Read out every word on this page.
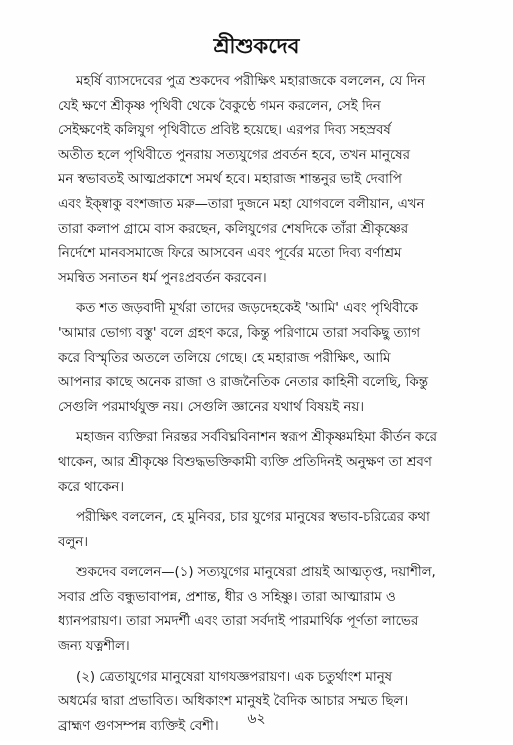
শ্রীশুকদেব
মহর্ষি ব্যাসদেবের পুত্র শুকদেব পরীক্ষিৎ মহারাজকে বললেন, যে দিন
যেই ক্ষণে শ্রীকৃষ্ণ পৃথিবী থেকে বৈকুণ্ঠে গমন করলেন, সেই দিন
সেইক্ষণেই কলিযুগ পৃথিবীতে প্রবিষ্ট হয়েছে। এরপর দিব্য সহস্রবর্ষ
অতীত হলে পৃথিবীতে পুনরায় সত্যযুগের প্রবর্তন হবে, তখন মানুষের
মন স্বভাবতই আত্মপ্রকাশে সমর্থ হবে। মহারাজ শান্তনুর ভাই দেবাপি
এবং ইক্ষ্বাকু বংশজাত মরু—তারা দুজনে মহা যোগবলে বলীয়ান, এখন
তারা কলাপ গ্রামে বাস করছেন, কলিযুগের শেষদিকে তাঁরা শ্রীকৃষ্ণের
নির্দেশে মানবসমাজে ফিরে আসবেন এবং পূর্বের মতো দিব্য বর্ণাশ্রম
সমন্বিত সনাতন ধর্ম পুনঃপ্রবর্তন করবেন।
কত শত জড়বাদী মূর্খরা তাদের জড়দেহকেই 'আমি' এবং পৃথিবীকে
'আমার ভোগ্য বস্তু' বলে গ্রহণ করে, কিন্তু পরিণামে তারা সবকিছু ত্যাগ
করে বিস্মৃতির অতলে তলিয়ে গেছে। হে মহারাজ পরীক্ষিৎ, আমি
আপনার কাছে অনেক রাজা ও রাজনৈতিক নেতার কাহিনী বলেছি, কিন্তু
সেগুলি পরমার্থযুক্ত নয়। সেগুলি জ্ঞানের যথার্থ বিষয়ই নয়।
মহাজন ব্যক্তিরা নিরন্তর সর্ববিঘ্নবিনাশন স্বরূপ শ্রীকৃষ্ণমহিমা কীর্তন করে
থাকেন, আর শ্রীকৃষ্ণে বিশুদ্ধভক্তিকামী ব্যক্তি প্রতিদিনই অনুক্ষণ তা শ্রবণ
করে থাকেন।
পরীক্ষিৎ বললেন, হে মুনিবর, চার যুগের মানুষের স্বভাব-চরিত্রের কথা
বলুন।
শুকদেব বললেন—(১) সত্যযুগের মানুষেরা প্রায়ই আত্মতৃপ্ত, দয়াশীল,
সবার প্রতি বন্ধুভাবাপন্ন, প্রশান্ত, ধীর ও সহিষ্ণু। তারা আত্মারাম ও
ধ্যানপরায়ণ। তারা সমদর্শী এবং তারা সর্বদাই পারমার্থিক পূর্ণতা লাভের
জন্য যত্নশীল।
(২) ত্রেতাযুগের মানুষেরা যাগযজ্ঞপরায়ণ। এক চতুর্থাংশ মানুষ
অধর্মের দ্বারা প্রভাবিত। অধিকাংশ মানুষই বৈদিক আচার সম্মত ছিল।
ব্রাহ্মণ গুণসম্পন্ন ব্যক্তিই বেশী।	৬২
